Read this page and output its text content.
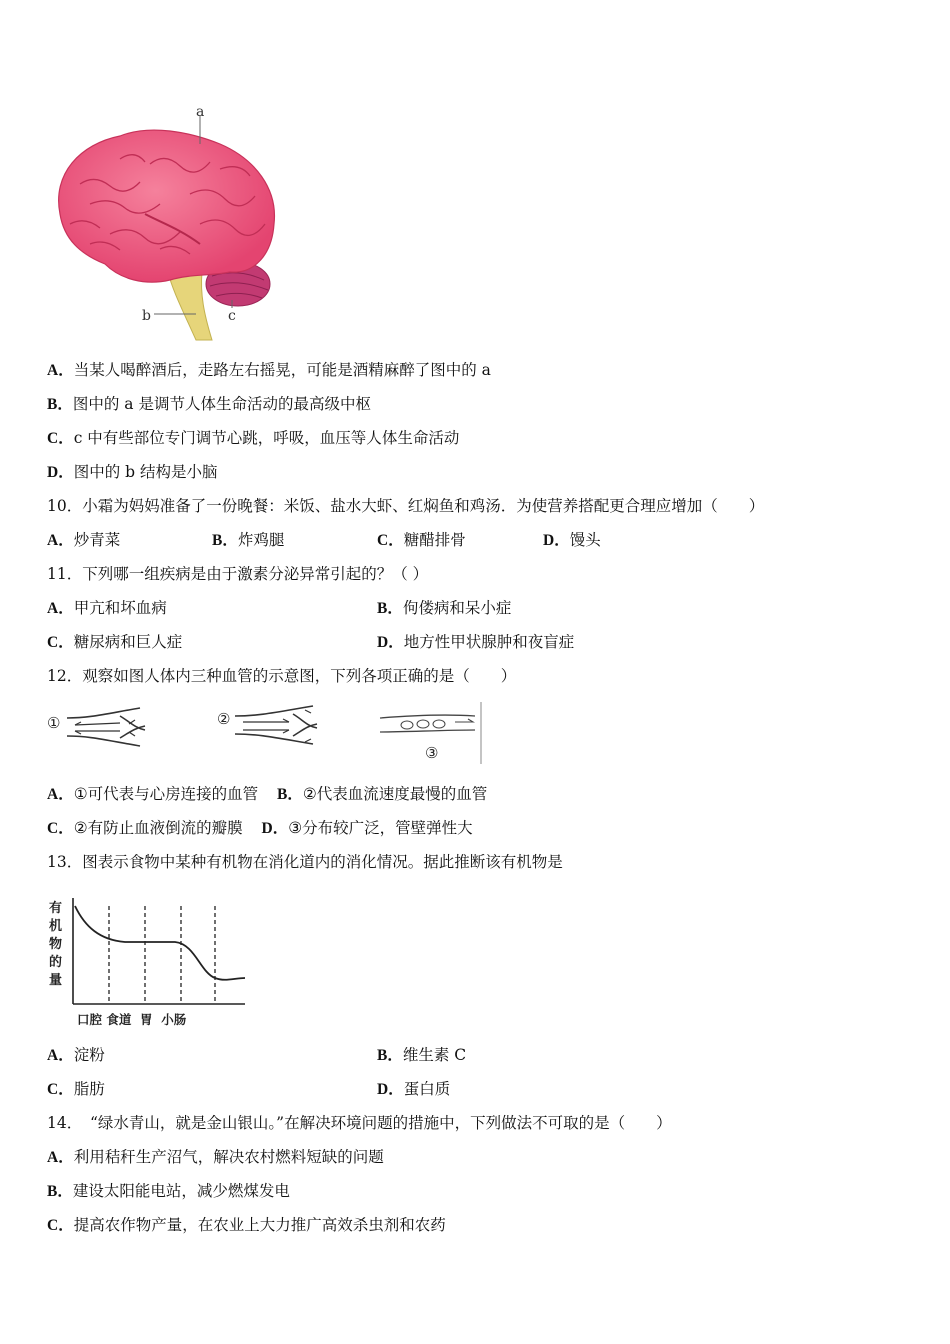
a
b	c
A．当某人喝醉酒后，走路左右摇晃，可能是酒精麻醉了图中的 a
B．图中的 a 是调节人体生命活动的最高级中枢
C．c 中有些部位专门调节心跳，呼吸，血压等人体生命活动
D．图中的 b 结构是小脑
10．小霜为妈妈准备了一份晚餐：米饭、盐水大虾、红焖鱼和鸡汤．为使营养搭配更合理应增加（　　）
A．炒青菜	B．炸鸡腿	C．糖醋排骨	D．馒头
11．下列哪一组疾病是由于激素分泌异常引起的？（ ）
A．甲亢和坏血病	B．佝偻病和呆小症
C．糖尿病和巨人症	D．地方性甲状腺肿和夜盲症
12．观察如图人体内三种血管的示意图，下列各项正确的是（　　）
①	②
③
A．①可代表与心房连接的血管 B．②代表血流速度最慢的血管
C．②有防止血液倒流的瓣膜 D．③分布较广泛，管壁弹性大
13．图表示食物中某种有机物在消化道内的消化情况。据此推断该有机物是
有
机
物
的
量
口腔 食道  胃  小肠
A．淀粉	B．维生素 C
C．脂肪	D．蛋白质
14．　“绿水青山，就是金山银山。”在解决环境问题的措施中，下列做法不可取的是（　　）
A．利用秸秆生产沼气，解决农村燃料短缺的问题
B．建设太阳能电站，减少燃煤发电
C．提高农作物产量，在农业上大力推广高效杀虫剂和农药
